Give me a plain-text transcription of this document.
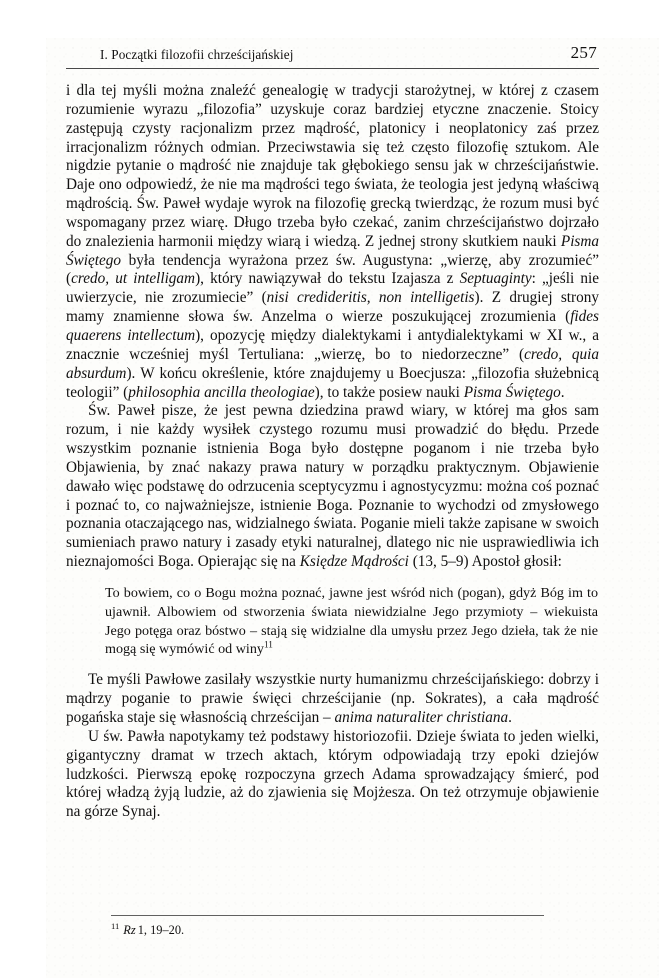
I. Początki filozofii chrześcijańskiej	257

i dla tej myśli można znaleźć genealogię w tradycji starożytnej, w której z czasem rozumienie wyrazu „filozofia” uzyskuje coraz bardziej etyczne znaczenie. Stoicy zastępują czysty racjonalizm przez mądrość, platonicy i neoplatonicy zaś przez irracjonalizm różnych odmian. Przeciwstawia się też często filozofię sztukom. Ale nigdzie pytanie o mądrość nie znajduje tak głębokiego sensu jak w chrześcijaństwie. Daje ono odpowiedź, że nie ma mądrości tego świata, że teologia jest jedyną właściwą mądrością. Św. Paweł wydaje wyrok na filozofię grecką twierdząc, że rozum musi być wspomagany przez wiarę. Długo trzeba było czekać, zanim chrześcijaństwo dojrzało do znalezienia harmonii między wiarą i wiedzą. Z jednej strony skutkiem nauki Pisma Świętego była tendencja wyrażona przez św. Augustyna: „wierzę, aby zrozumieć” (credo, ut intelligam), który nawiązywał do tekstu Izajasza z Septuaginty: „jeśli nie uwierzycie, nie zrozumiecie” (nisi credideritis, non intelligetis). Z drugiej strony mamy znamienne słowa św. Anzelma o wierze poszukującej zrozumienia (fides quaerens intellectum), opozycję między dialektykami i antydialektykami w XI w., a znacznie wcześniej myśl Tertuliana: „wierzę, bo to niedorzeczne” (credo, quia absurdum). W końcu określenie, które znajdujemy u Boecjusza: „filozofia służebnicą teologii” (philosophia ancilla theologiae), to także posiew nauki Pisma Świętego.

Św. Paweł pisze, że jest pewna dziedzina prawd wiary, w której ma głos sam rozum, i nie każdy wysiłek czystego rozumu musi prowadzić do błędu. Przede wszystkim poznanie istnienia Boga było dostępne poganom i nie trzeba było Objawienia, by znać nakazy prawa natury w porządku praktycznym. Objawienie dawało więc podstawę do odrzucenia sceptycyzmu i agnostycyzmu: można coś poznać i poznać to, co najważniejsze, istnienie Boga. Poznanie to wychodzi od zmysłowego poznania otaczającego nas, widzialnego świata. Poganie mieli także zapisane w swoich sumieniach prawo natury i zasady etyki naturalnej, dlatego nic nie usprawiedliwia ich nieznajomości Boga. Opierając się na Księdze Mądrości (13, 5–9) Apostoł głosił:

To bowiem, co o Bogu można poznać, jawne jest wśród nich (pogan), gdyż Bóg im to ujawnił. Albowiem od stworzenia świata niewidzialne Jego przymioty – wiekuista Jego potęga oraz bóstwo – stają się widzialne dla umysłu przez Jego dzieła, tak że nie mogą się wymówić od winy$^{11}$

Te myśli Pawłowe zasilały wszystkie nurty humanizmu chrześcijańskiego: dobrzy i mądrzy poganie to prawie święci chrześcijanie (np. Sokrates), a cała mądrość pogańska staje się własnością chrześcijan – anima naturaliter christiana.

U św. Pawła napotykamy też podstawy historiozofii. Dzieje świata to jeden wielki, gigantyczny dramat w trzech aktach, którym odpowiadają trzy epoki dziejów ludzkości. Pierwszą epokę rozpoczyna grzech Adama sprowadzający śmierć, pod której władzą żyją ludzie, aż do zjawienia się Mojżesza. On też otrzymuje objawienie na górze Synaj.

$^{11}$ Rz 1, 19–20.
